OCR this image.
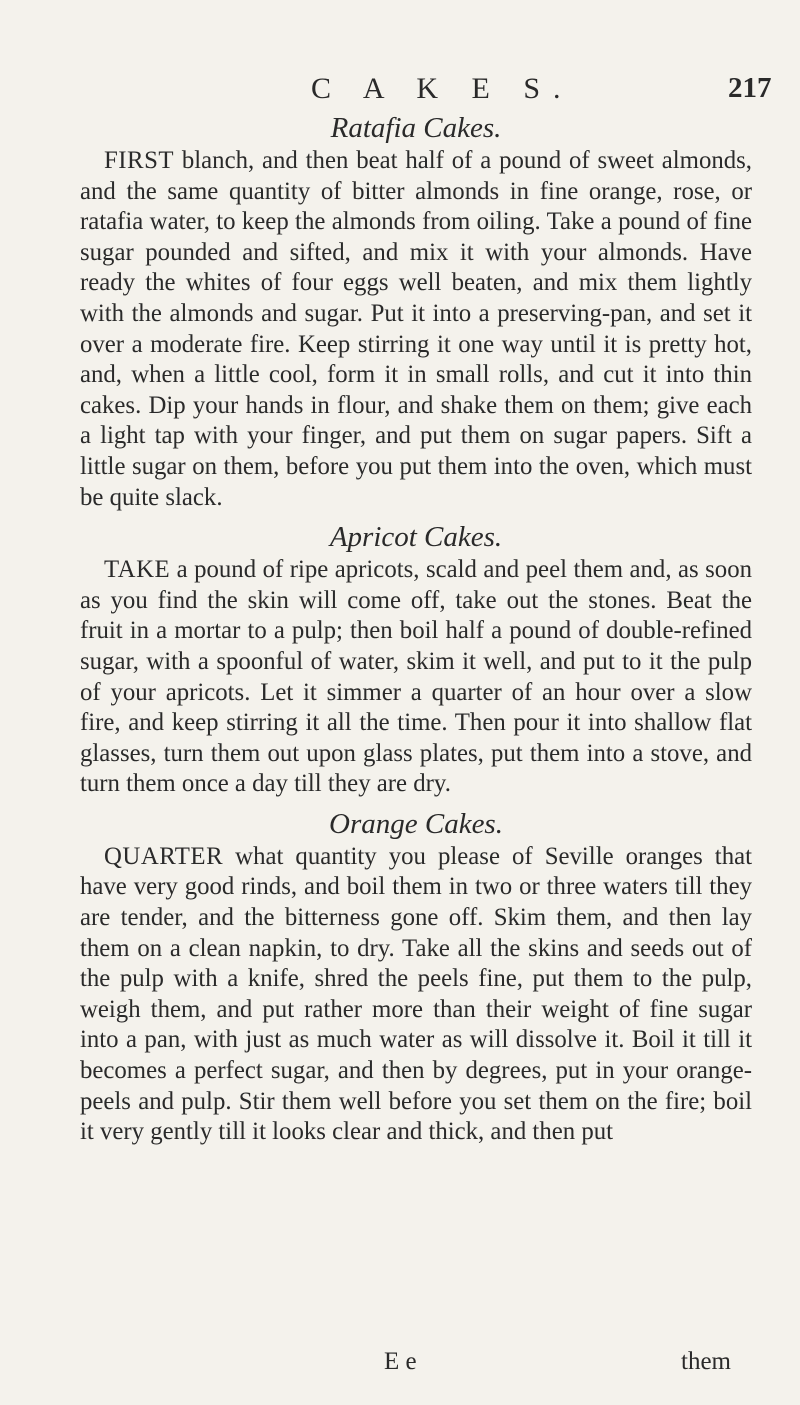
C A K E S.	217
Ratafia Cakes.

FIRST blanch, and then beat half of a pound of sweet almonds, and the same quantity of bitter almonds in fine orange, rose, or ratafia water, to keep the almonds from oiling. Take a pound of fine sugar pounded and sifted, and mix it with your almonds. Have ready the whites of four eggs well beaten, and mix them lightly with the almonds and sugar. Put it into a preserving-pan, and set it over a moderate fire. Keep stirring it one way until it is pretty hot, and, when a little cool, form it in small rolls, and cut it into thin cakes. Dip your hands in flour, and shake them on them; give each a light tap with your finger, and put them on sugar papers. Sift a little sugar on them, before you put them into the oven, which must be quite slack.

Apricot Cakes.

TAKE a pound of ripe apricots, scald and peel them and, as soon as you find the skin will come off, take out the stones. Beat the fruit in a mortar to a pulp; then boil half a pound of double-refined sugar, with a spoonful of water, skim it well, and put to it the pulp of your apricots. Let it simmer a quarter of an hour over a slow fire, and keep stirring it all the time. Then pour it into shallow flat glasses, turn them out upon glass plates, put them into a stove, and turn them once a day till they are dry.

Orange Cakes.

QUARTER what quantity you please of Seville oranges that have very good rinds, and boil them in two or three waters till they are tender, and the bitterness gone off. Skim them, and then lay them on a clean napkin, to dry. Take all the skins and seeds out of the pulp with a knife, shred the peels fine, put them to the pulp, weigh them, and put rather more than their weight of fine sugar into a pan, with just as much water as will dissolve it. Boil it till it becomes a perfect sugar, and then by degrees, put in your orange-peels and pulp. Stir them well before you set them on the fire; boil it very gently till it looks clear and thick, and then put

E e	them
